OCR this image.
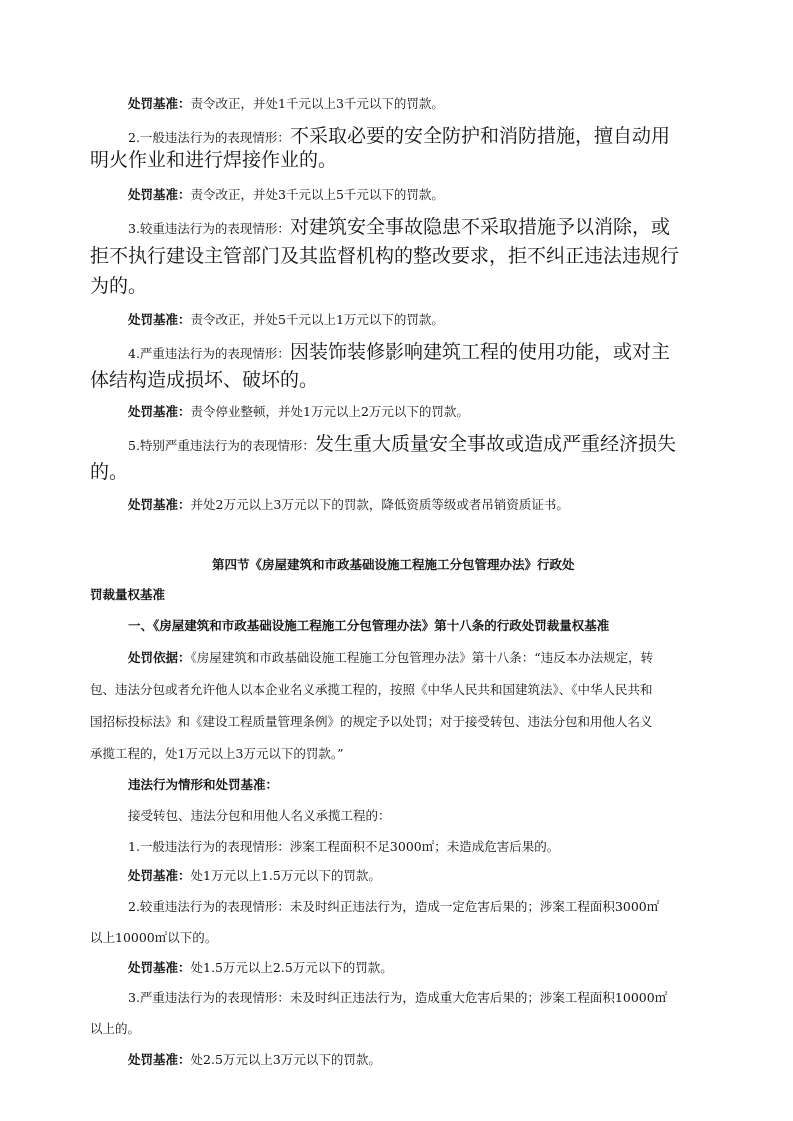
处罚基准：责令改正，并处1千元以上3千元以下的罚款。
2.一般违法行为的表现情形：不采取必要的安全防护和消防措施，擅自动用
明火作业和进行焊接作业的。
处罚基准：责令改正，并处3千元以上5千元以下的罚款。
3.较重违法行为的表现情形：对建筑安全事故隐患不采取措施予以消除，或
拒不执行建设主管部门及其监督机构的整改要求，拒不纠正违法违规行
为的。
处罚基准：责令改正，并处5千元以上1万元以下的罚款。
4.严重违法行为的表现情形：因装饰装修影响建筑工程的使用功能，或对主
体结构造成损坏、破坏的。
处罚基准：责令停业整顿，并处1万元以上2万元以下的罚款。
5.特别严重违法行为的表现情形：发生重大质量安全事故或造成严重经济损失
的。
处罚基准：并处2万元以上3万元以下的罚款，降低资质等级或者吊销资质证书。
第四节《房屋建筑和市政基础设施工程施工分包管理办法》行政处
罚裁量权基准
一、《房屋建筑和市政基础设施工程施工分包管理办法》第十八条的行政处罚裁量权基准
处罚依据：《房屋建筑和市政基础设施工程施工分包管理办法》第十八条：“违反本办法规定，转
包、违法分包或者允许他人以本企业名义承揽工程的，按照《中华人民共和国建筑法》、《中华人民共和
国招标投标法》和《建设工程质量管理条例》的规定予以处罚；对于接受转包、违法分包和用他人名义
承揽工程的，处1万元以上3万元以下的罚款。”
违法行为情形和处罚基准：
接受转包、违法分包和用他人名义承揽工程的：
1.一般违法行为的表现情形：涉案工程面积不足3000㎡；未造成危害后果的。
处罚基准：处1万元以上1.5万元以下的罚款。
2.较重违法行为的表现情形：未及时纠正违法行为，造成一定危害后果的；涉案工程面积3000㎡
以上10000㎡以下的。
处罚基准：处1.5万元以上2.5万元以下的罚款。
3.严重违法行为的表现情形：未及时纠正违法行为，造成重大危害后果的；涉案工程面积10000㎡
以上的。
处罚基准：处2.5万元以上3万元以下的罚款。
